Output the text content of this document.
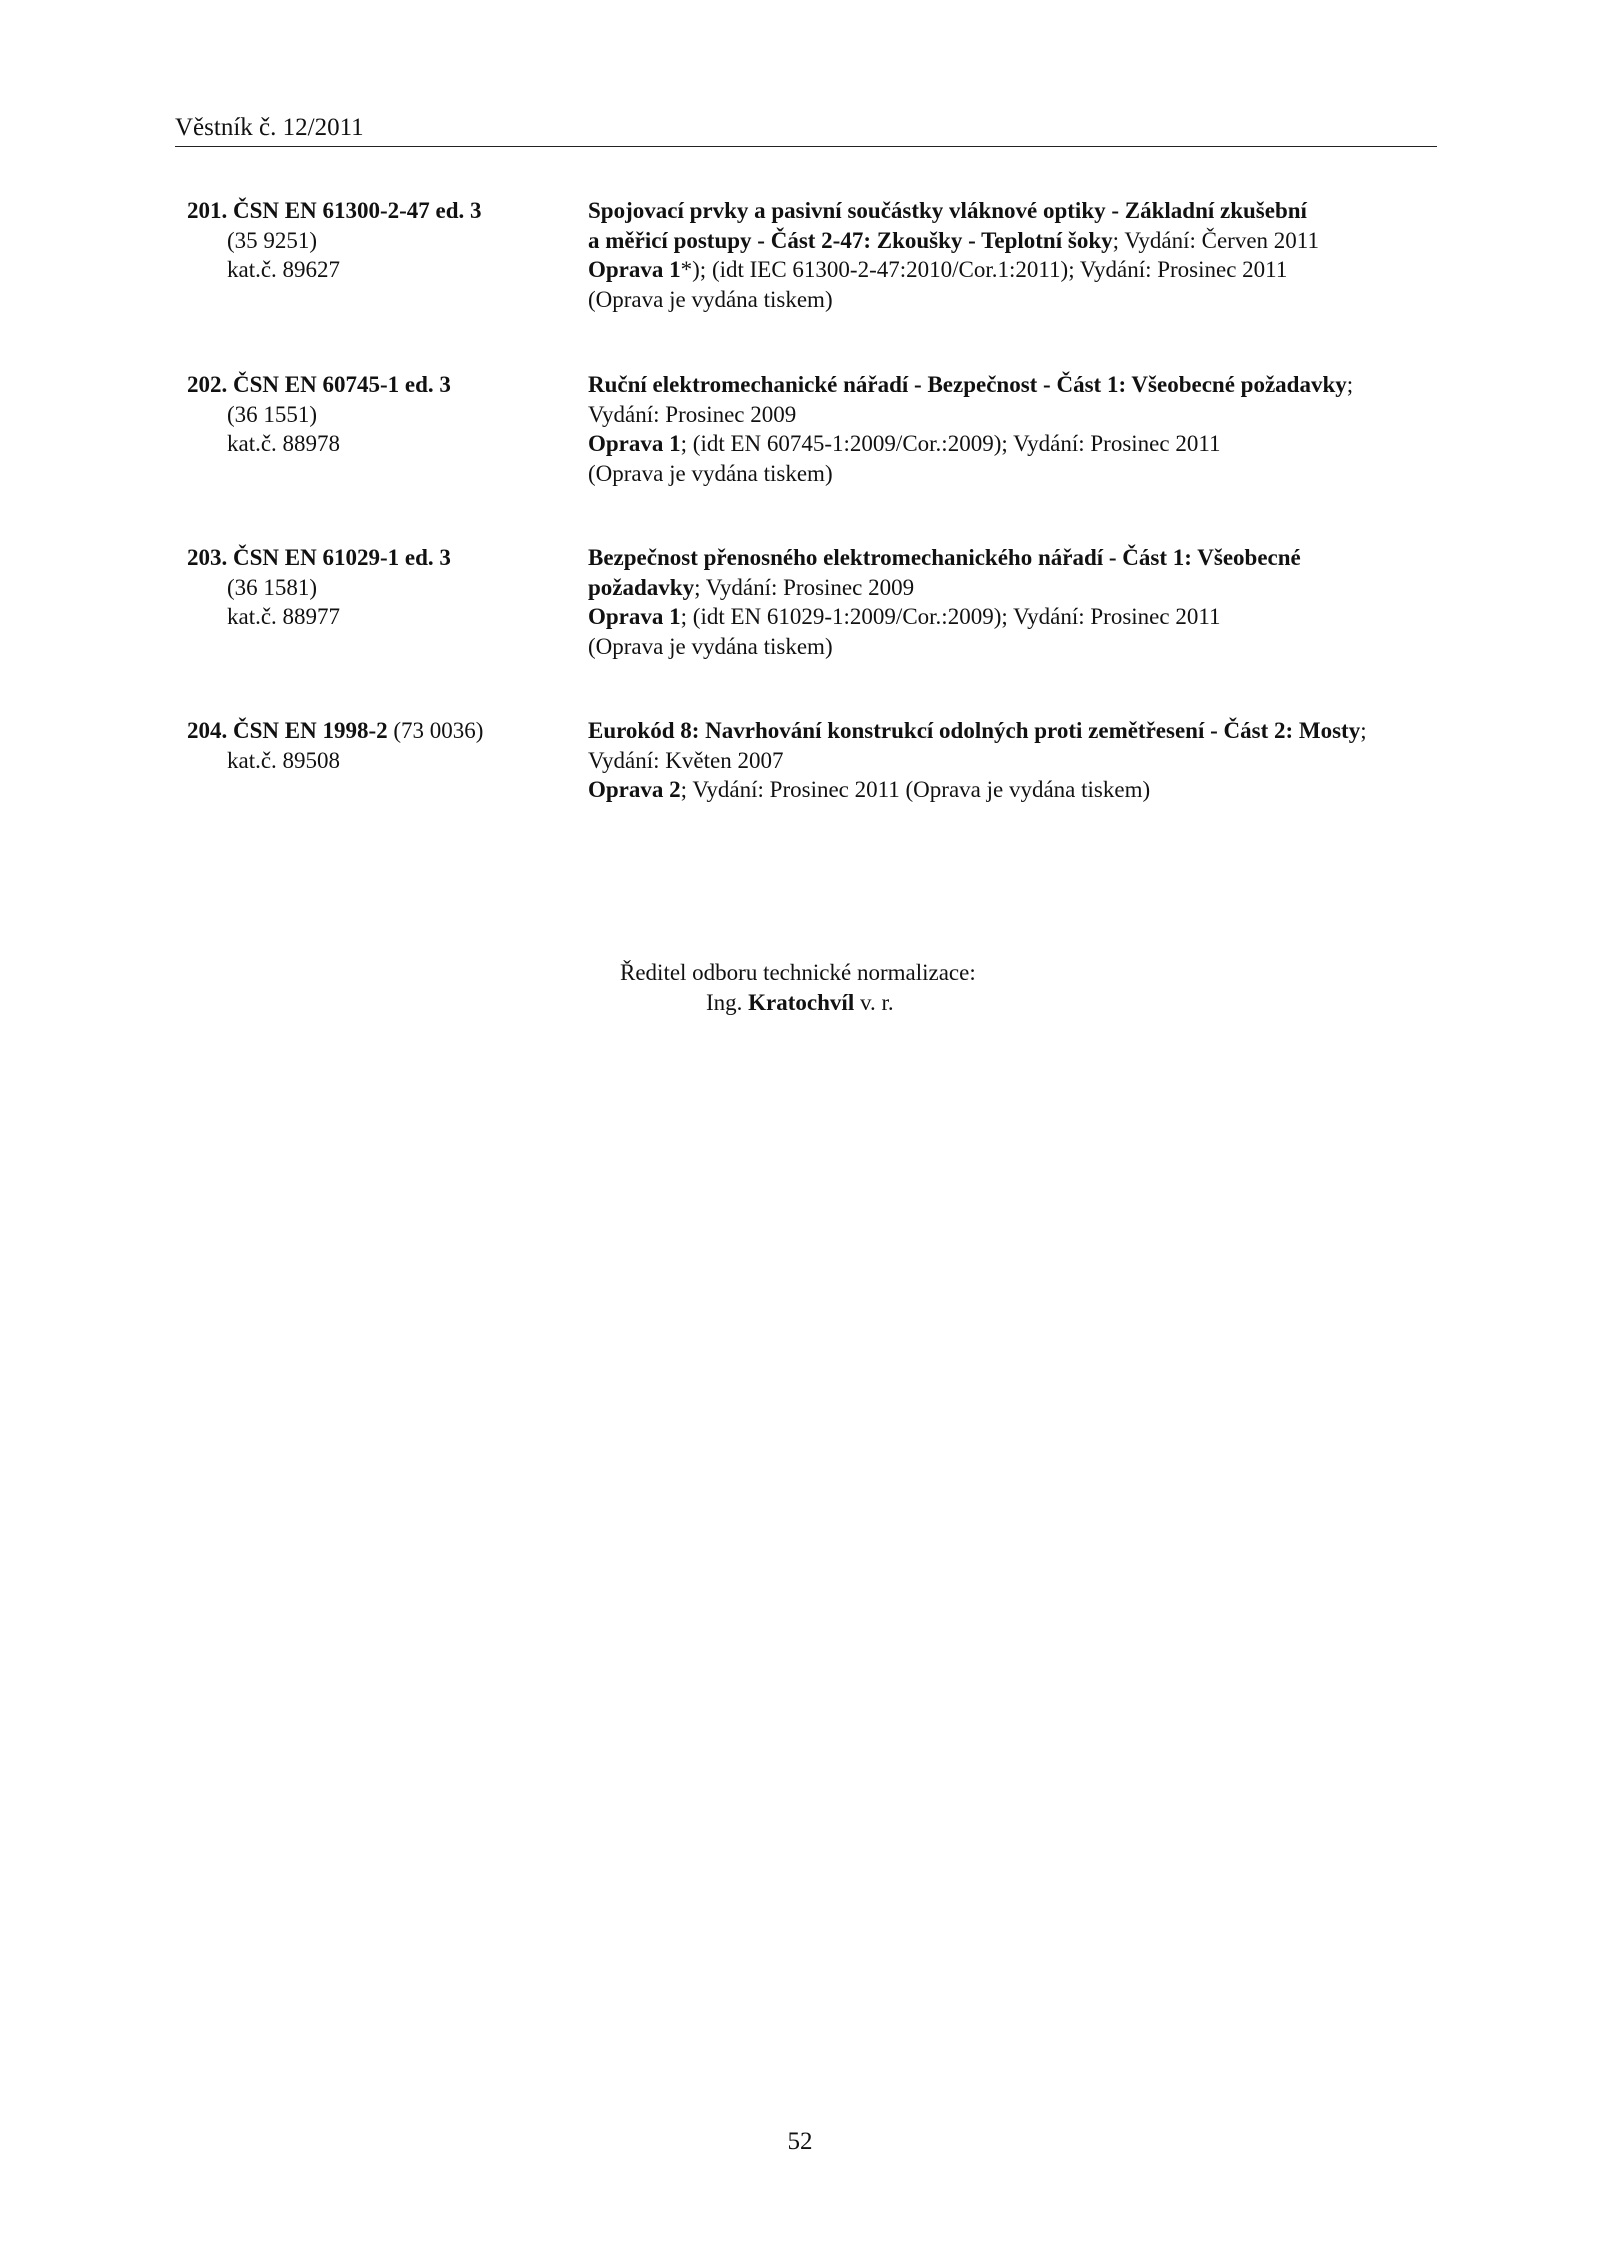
Věstník č. 12/2011
201. ČSN EN 61300-2-47 ed. 3
(35 9251)
kat.č. 89627
Spojovací prvky a pasivní součástky vláknové optiky - Základní zkušební
a měřicí postupy - Část 2-47: Zkoušky - Teplotní šoky; Vydání: Červen 2011
Oprava 1*); (idt IEC 61300-2-47:2010/Cor.1:2011); Vydání: Prosinec 2011
(Oprava je vydána tiskem)
202. ČSN EN 60745-1 ed. 3
(36 1551)
kat.č. 88978
Ruční elektromechanické nářadí - Bezpečnost - Část 1: Všeobecné požadavky;
Vydání: Prosinec 2009
Oprava 1; (idt EN 60745-1:2009/Cor.:2009); Vydání: Prosinec 2011
(Oprava je vydána tiskem)
203. ČSN EN 61029-1 ed. 3
(36 1581)
kat.č. 88977
Bezpečnost přenosného elektromechanického nářadí - Část 1: Všeobecné
požadavky; Vydání: Prosinec 2009
Oprava 1; (idt EN 61029-1:2009/Cor.:2009); Vydání: Prosinec 2011
(Oprava je vydána tiskem)
204. ČSN EN 1998-2 (73 0036)
kat.č. 89508
Eurokód 8: Navrhování konstrukcí odolných proti zemětřesení - Část 2: Mosty;
Vydání: Květen 2007
Oprava 2; Vydání: Prosinec 2011 (Oprava je vydána tiskem)
Ředitel odboru technické normalizace:
Ing. Kratochvíl v. r.
52
